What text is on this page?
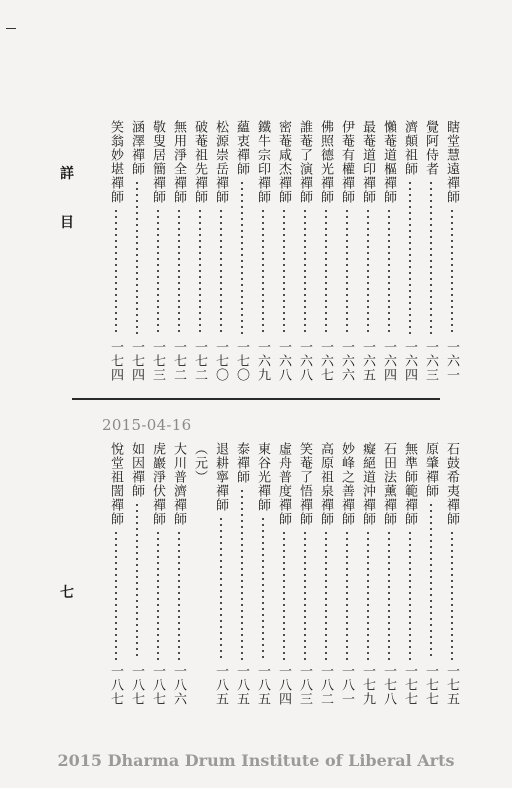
詳
目
七
瞎堂慧遠禪師
一六一
覺阿侍者
一六三
濟顛祖師
一六四
懶菴道樞禪師
一六四
最菴道印禪師
一六五
伊菴有權禪師
一六六
佛照德光禪師
一六七
誰菴了演禪師
一六八
密菴咸杰禪師
一六八
鐵牛宗印禪師
一六九
蘊衷禪師
一七〇
松源崇岳禪師
一七〇
破菴祖先禪師
一七二
無用淨全禪師
一七二
敬叟居簡禪師
一七三
涵澤禪師
一七四
笑翁妙堪禪師
一七四
2015-04-16
石鼓希夷禪師
一七五
原肇禪師
一七七
無準師範禪師
一七七
石田法薰禪師
一七八
癡絕道沖禪師
一七九
妙峰之善禪師
一八一
高原祖泉禪師
一八二
笑菴了悟禪師
一八三
虛舟普度禪師
一八四
東谷光禪師
一八五
泰禪師
一八五
退耕寧禪師
一八五
（元）
大川普濟禪師
一八六
虎巖淨伏禪師
一八七
如因禪師
一八七
悅堂祖誾禪師
一八七
2015 Dharma Drum Institute of Liberal Arts
